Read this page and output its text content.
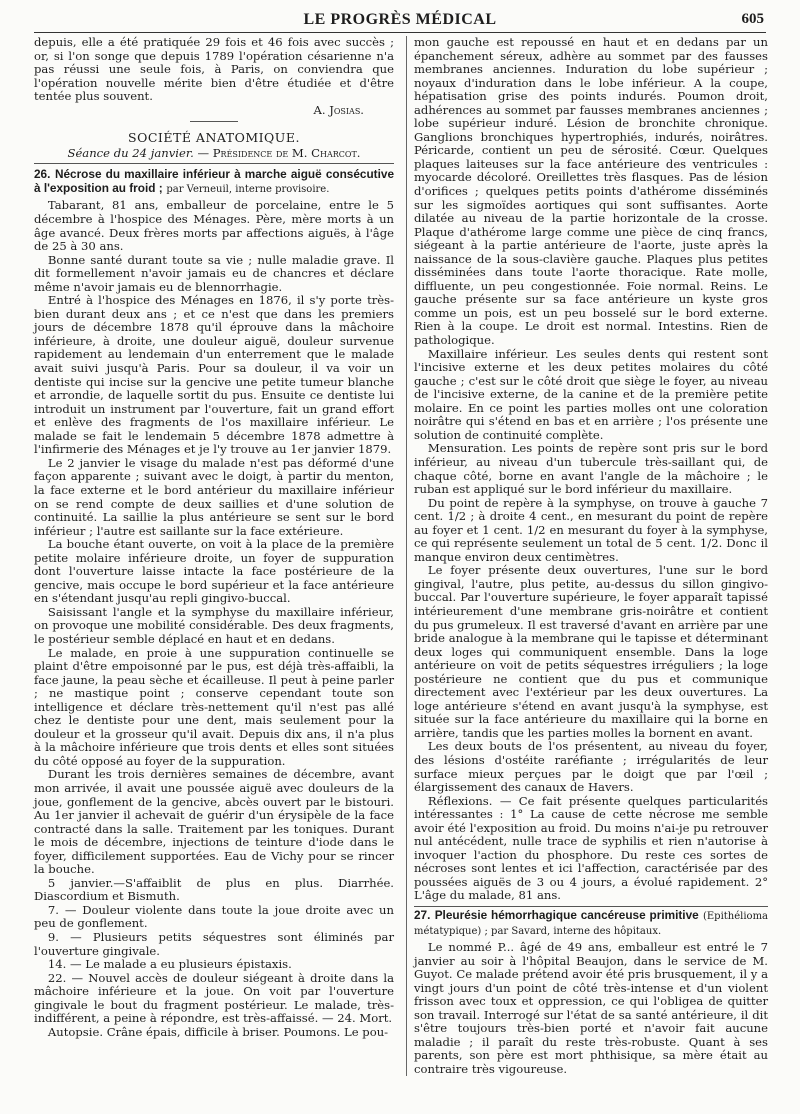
LE PROGRÈS MÉDICAL	605

depuis, elle a été pratiquée 29 fois et 46 fois avec succès ; or, si l'on songe que depuis 1789 l'opération césarienne n'a pas réussi une seule fois, à Paris, on conviendra que l'opération nouvelle mérite bien d'être étudiée et d'être tentée plus souvent.

A. Josias.

SOCIÉTÉ ANATOMIQUE.

Séance du 24 janvier. — Présidence de M. Charcot.

26. Nécrose du maxillaire inférieur à marche aiguë consécutive à l'exposition au froid ; par Verneuil, interne provisoire.

Tabarant, 81 ans, emballeur de porcelaine, entre le 5 décembre à l'hospice des Ménages. Père, mère morts à un âge avancé. Deux frères morts par affections aiguës, à l'âge de 25 à 30 ans.

Bonne santé durant toute sa vie ; nulle maladie grave. Il dit formellement n'avoir jamais eu de chancres et déclare même n'avoir jamais eu de blennorrhagie.

Entré à l'hospice des Ménages en 1876, il s'y porte très-bien durant deux ans ; et ce n'est que dans les premiers jours de décembre 1878 qu'il éprouve dans la mâchoire inférieure, à droite, une douleur aiguë, douleur survenue rapidement au lendemain d'un enterrement que le malade avait suivi jusqu'à Paris. Pour sa douleur, il va voir un dentiste qui incise sur la gencive une petite tumeur blanche et arrondie, de laquelle sortit du pus. Ensuite ce dentiste lui introduit un instrument par l'ouverture, fait un grand effort et enlève des fragments de l'os maxillaire inférieur. Le malade se fait le lendemain 5 décembre 1878 admettre à l'infirmerie des Ménages et je l'y trouve au 1er janvier 1879.

Le 2 janvier le visage du malade n'est pas déformé d'une façon apparente ; suivant avec le doigt, à partir du menton, la face externe et le bord antérieur du maxillaire inférieur on se rend compte de deux saillies et d'une solution de continuité. La saillie la plus antérieure se sent sur le bord inférieur ; l'autre est saillante sur la face extérieure.

La bouche étant ouverte, on voit à la place de la première petite molaire inférieure droite, un foyer de suppuration dont l'ouverture laisse intacte la face postérieure de la gencive, mais occupe le bord supérieur et la face antérieure en s'étendant jusqu'au repli gingivo-buccal.

Saisissant l'angle et la symphyse du maxillaire inférieur, on provoque une mobilité considérable. Des deux fragments, le postérieur semble déplacé en haut et en dedans.

Le malade, en proie à une suppuration continuelle se plaint d'être empoisonné par le pus, est déjà très-affaibli, la face jaune, la peau sèche et écailleuse. Il peut à peine parler ; ne mastique point ; conserve cependant toute son intelligence et déclare très-nettement qu'il n'est pas allé chez le dentiste pour une dent, mais seulement pour la douleur et la grosseur qu'il avait. Depuis dix ans, il n'a plus à la mâchoire inférieure que trois dents et elles sont situées du côté opposé au foyer de la suppuration.

Durant les trois dernières semaines de décembre, avant mon arrivée, il avait une poussée aiguë avec douleurs de la joue, gonflement de la gencive, abcès ouvert par le bistouri. Au 1er janvier il achevait de guérir d'un érysipèle de la face contracté dans la salle. Traitement par les toniques. Durant le mois de décembre, injections de teinture d'iode dans le foyer, difficilement supportées. Eau de Vichy pour se rincer la bouche.

5 janvier.—S'affaiblit de plus en plus. Diarrhée. Diascordium et Bismuth.

7. — Douleur violente dans toute la joue droite avec un peu de gonflement.

9. — Plusieurs petits séquestres sont éliminés par l'ouverture gingivale.

14. — Le malade a eu plusieurs épistaxis.

22. — Nouvel accès de douleur siégeant à droite dans la mâchoire inférieure et la joue. On voit par l'ouverture gingivale le bout du fragment postérieur. Le malade, très-indifférent, a peine à répondre, est très-affaissé. — 24. Mort.

Autopsie. Crâne épais, difficile à briser. Poumons. Le pou-

mon gauche est repoussé en haut et en dedans par un épanchement séreux, adhère au sommet par des fausses membranes anciennes. Induration du lobe supérieur ; noyaux d'induration dans le lobe inférieur. A la coupe, hépatisation grise des points indurés. Poumon droit, adhérences au sommet par fausses membranes anciennes ; lobe supérieur induré. Lésion de bronchite chronique. Ganglions bronchiques hypertrophiés, indurés, noirâtres. Péricarde, contient un peu de sérosité. Cœur. Quelques plaques laiteuses sur la face antérieure des ventricules : myocarde décoloré. Oreillettes très flasques. Pas de lésion d'orifices ; quelques petits points d'athérome disséminés sur les sigmoïdes aortiques qui sont suffisantes. Aorte dilatée au niveau de la partie horizontale de la crosse. Plaque d'athérome large comme une pièce de cinq francs, siégeant à la partie antérieure de l'aorte, juste après la naissance de la sous-clavière gauche. Plaques plus petites disséminées dans toute l'aorte thoracique. Rate molle, diffluente, un peu congestionnée. Foie normal. Reins. Le gauche présente sur sa face antérieure un kyste gros comme un pois, est un peu bosselé sur le bord externe. Rien à la coupe. Le droit est normal. Intestins. Rien de pathologique.

Maxillaire inférieur. Les seules dents qui restent sont l'incisive externe et les deux petites molaires du côté gauche ; c'est sur le côté droit que siège le foyer, au niveau de l'incisive externe, de la canine et de la première petite molaire. En ce point les parties molles ont une coloration noirâtre qui s'étend en bas et en arrière ; l'os présente une solution de continuité complète.

Mensuration. Les points de repère sont pris sur le bord inférieur, au niveau d'un tubercule très-saillant qui, de chaque côté, borne en avant l'angle de la mâchoire ; le ruban est appliqué sur le bord inférieur du maxillaire.

Du point de repère à la symphyse, on trouve à gauche 7 cent. 1/2 ; à droite 4 cent., en mesurant du point de repère au foyer et 1 cent. 1/2 en mesurant du foyer à la symphyse, ce qui représente seulement un total de 5 cent. 1/2. Donc il manque environ deux centimètres.

Le foyer présente deux ouvertures, l'une sur le bord gingival, l'autre, plus petite, au-dessus du sillon gingivo-buccal. Par l'ouverture supérieure, le foyer apparaît tapissé intérieurement d'une membrane gris-noirâtre et contient du pus grumeleux. Il est traversé d'avant en arrière par une bride analogue à la membrane qui le tapisse et déterminant deux loges qui communiquent ensemble. Dans la loge antérieure on voit de petits séquestres irréguliers ; la loge postérieure ne contient que du pus et communique directement avec l'extérieur par les deux ouvertures. La loge antérieure s'étend en avant jusqu'à la symphyse, est située sur la face antérieure du maxillaire qui la borne en arrière, tandis que les parties molles la bornent en avant.

Les deux bouts de l'os présentent, au niveau du foyer, des lésions d'ostéite raréfiante ; irrégularités de leur surface mieux perçues par le doigt que par l'œil ; élargissement des canaux de Havers.

Réflexions. — Ce fait présente quelques particularités intéressantes : 1° La cause de cette nécrose me semble avoir été l'exposition au froid. Du moins n'ai-je pu retrouver nul antécédent, nulle trace de syphilis et rien n'autorise à invoquer l'action du phosphore. Du reste ces sortes de nécroses sont lentes et ici l'affection, caractérisée par des poussées aiguës de 3 ou 4 jours, a évolué rapidement. 2° L'âge du malade, 81 ans.

27. Pleurésie hémorrhagique cancéreuse primitive (Epithélioma métatypique) ; par Savard, interne des hôpitaux.

Le nommé P... âgé de 49 ans, emballeur est entré le 7 janvier au soir à l'hôpital Beaujon, dans le service de M. Guyot. Ce malade prétend avoir été pris brusquement, il y a vingt jours d'un point de côté très-intense et d'un violent frisson avec toux et oppression, ce qui l'obligea de quitter son travail. Interrogé sur l'état de sa santé antérieure, il dit s'être toujours très-bien porté et n'avoir fait aucune maladie ; il paraît du reste très-robuste. Quant à ses parents, son père est mort phthisique, sa mère était au contraire très vigoureuse.
